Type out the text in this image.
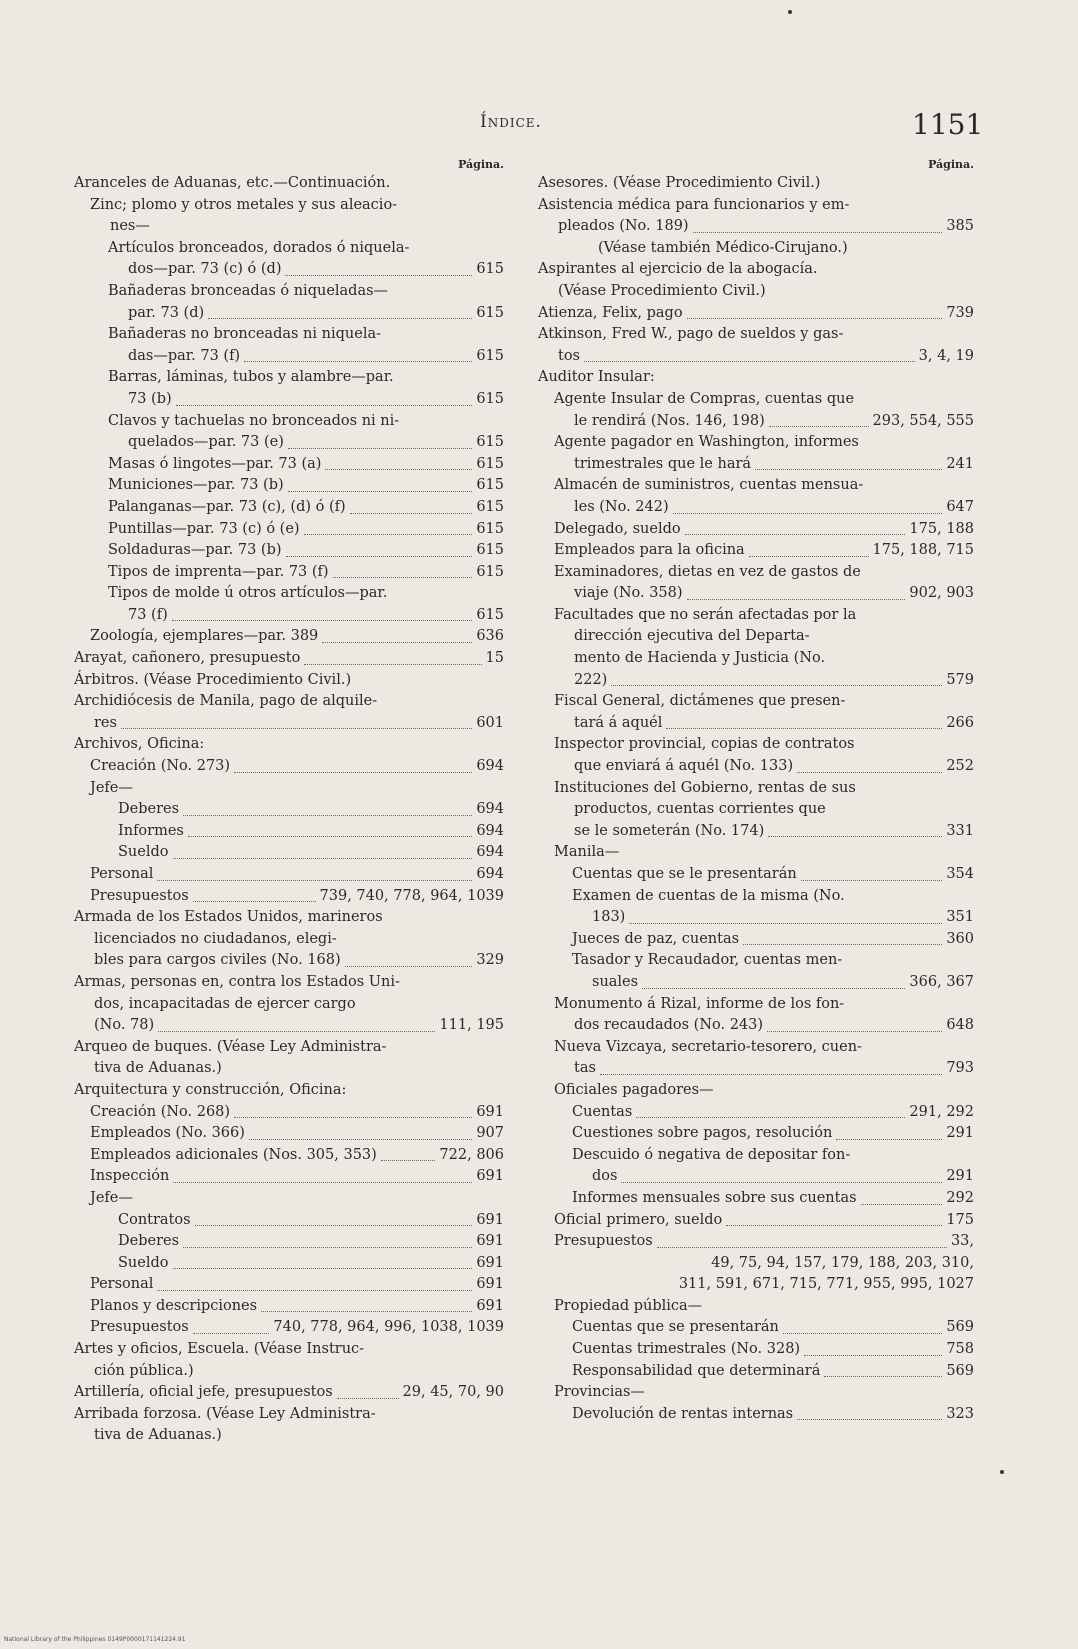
Índice.	1151
Página.
Aranceles de Aduanas, etc.—Continuación.
Zinc; plomo y otros metales y sus aleacio-
nes—
Artículos bronceados, dorados ó niquela-
dos—par. 73 (c) ó (d)	615
Bañaderas bronceadas ó niqueladas—
par. 73 (d)	615
Bañaderas no bronceadas ni niquela-
das—par. 73 (f)	615
Barras, láminas, tubos y alambre—par.
73 (b)	615
Clavos y tachuelas no bronceados ni ni-
quelados—par. 73 (e)	615
Masas ó lingotes—par. 73 (a)	615
Municiones—par. 73 (b)	615
Palanganas—par. 73 (c), (d) ó (f)	615
Puntillas—par. 73 (c) ó (e)	615
Soldaduras—par. 73 (b)	615
Tipos de imprenta—par. 73 (f)	615
Tipos de molde ú otros artículos—par.
73 (f)	615
Zoología, ejemplares—par. 389	636
Arayat, cañonero, presupuesto	15
Árbitros. (Véase Procedimiento Civil.)
Archidiócesis de Manila, pago de alquile-
res	601
Archivos, Oficina:
Creación (No. 273)	694
Jefe—
Deberes	694
Informes	694
Sueldo	694
Personal	694
Presupuestos	739, 740, 778, 964, 1039
Armada de los Estados Unidos, marineros
licenciados no ciudadanos, elegi-
bles para cargos civiles (No. 168)	329
Armas, personas en, contra los Estados Uni-
dos, incapacitadas de ejercer cargo
(No. 78)	111, 195
Arqueo de buques. (Véase Ley Administra-
tiva de Aduanas.)
Arquitectura y construcción, Oficina:
Creación (No. 268)	691
Empleados (No. 366)	907
Empleados adicionales (Nos. 305, 353)	722, 806
Inspección	691
Jefe—
Contratos	691
Deberes	691
Sueldo	691
Personal	691
Planos y descripciones	691
Presupuestos	740, 778, 964, 996, 1038, 1039
Artes y oficios, Escuela. (Véase Instruc-
ción pública.)
Artillería, oficial jefe, presupuestos	29, 45, 70, 90
Arribada forzosa. (Véase Ley Administra-
tiva de Aduanas.)
Página.
Asesores. (Véase Procedimiento Civil.)
Asistencia médica para funcionarios y em-
pleados (No. 189)	385
(Véase también Médico-Cirujano.)
Aspirantes al ejercicio de la abogacía.
(Véase Procedimiento Civil.)
Atienza, Felix, pago	739
Atkinson, Fred W., pago de sueldos y gas-
tos	3, 4, 19
Auditor Insular:
Agente Insular de Compras, cuentas que
le rendirá (Nos. 146, 198)	293, 554, 555
Agente pagador en Washington, informes
trimestrales que le hará	241
Almacén de suministros, cuentas mensua-
les (No. 242)	647
Delegado, sueldo	175, 188
Empleados para la oficina	175, 188, 715
Examinadores, dietas en vez de gastos de
viaje (No. 358)	902, 903
Facultades que no serán afectadas por la
dirección ejecutiva del Departa-
mento de Hacienda y Justicia (No.
222)	579
Fiscal General, dictámenes que presen-
tará á aquél	266
Inspector provincial, copias de contratos
que enviará á aquél (No. 133)	252
Instituciones del Gobierno, rentas de sus
productos, cuentas corrientes que
se le someterán (No. 174)	331
Manila—
Cuentas que se le presentarán	354
Examen de cuentas de la misma (No.
183)	351
Jueces de paz, cuentas	360
Tasador y Recaudador, cuentas men-
suales	366, 367
Monumento á Rizal, informe de los fon-
dos recaudados (No. 243)	648
Nueva Vizcaya, secretario-tesorero, cuen-
tas	793
Oficiales pagadores—
Cuentas	291, 292
Cuestiones sobre pagos, resolución	291
Descuido ó negativa de depositar fon-
dos	291
Informes mensuales sobre sus cuentas	292
Oficial primero, sueldo	175
Presupuestos	33,
49, 75, 94, 157, 179, 188, 203, 310,
311, 591, 671, 715, 771, 955, 995, 1027
Propiedad pública—
Cuentas que se presentarán	569
Cuentas trimestrales (No. 328)	758
Responsabilidad que determinará	569
Provincias—
Devolución de rentas internas	323
National Library of the Philippines 0149P0000171141224.91
